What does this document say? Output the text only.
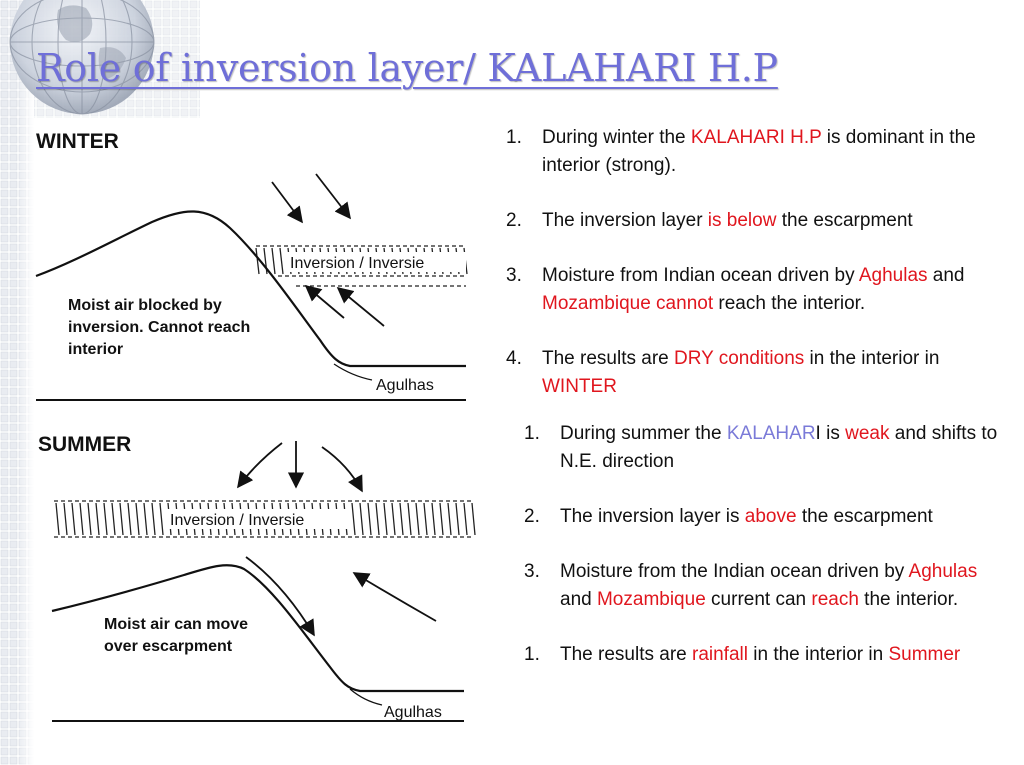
Role of inversion layer/ KALAHARI H.P
WINTER
Inversion / Inversie
Moist air blocked by inversion. Cannot reach interior
Agulhas
SUMMER
Inversion / Inversie
Moist air can move over escarpment
Agulhas
1. During winter the KALAHARI H.P is dominant in the interior (strong).
2. The inversion layer is below the escarpment
3. Moisture from Indian ocean driven by Aghulas and Mozambique cannot reach the interior.
4. The results are DRY conditions in the interior in WINTER
1. During summer the KALAHARI is weak and shifts to N.E. direction
2. The inversion layer is above the escarpment
3. Moisture from the Indian ocean driven by Aghulas and Mozambique current can reach the interior.
1. The results are rainfall in the interior in Summer
